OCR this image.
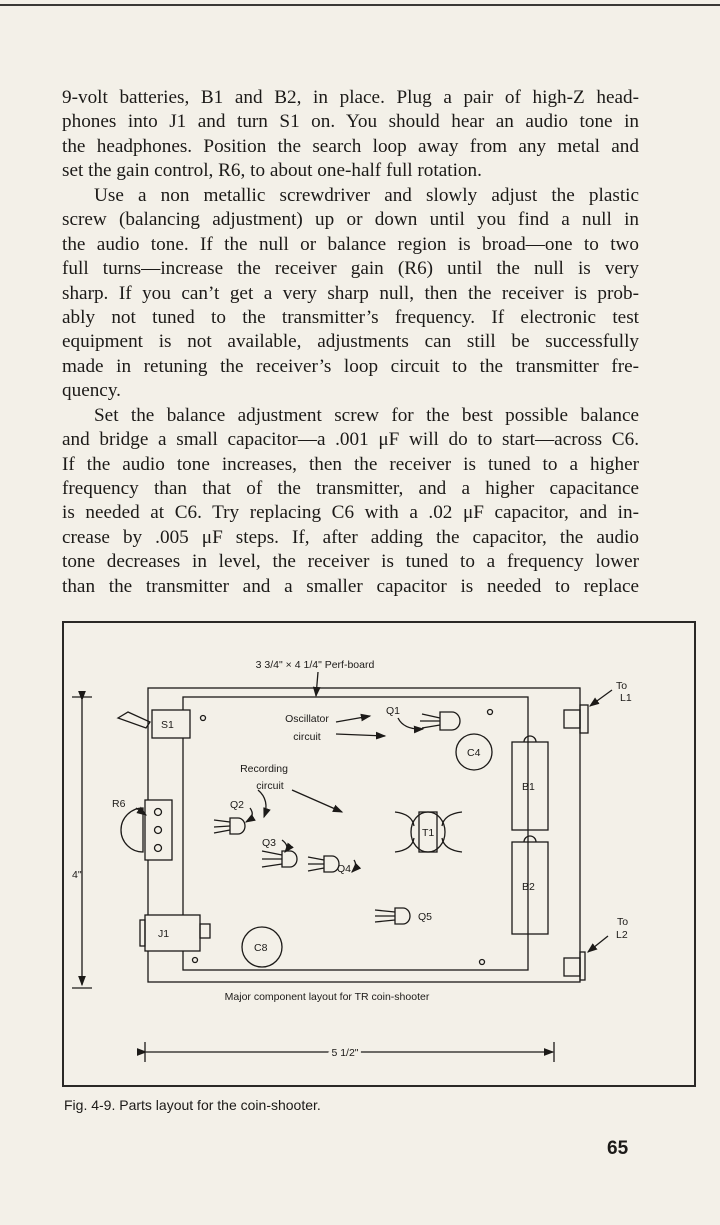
9-volt batteries, B1 and B2, in place. Plug a pair of high-Z head-
phones into J1 and turn S1 on. You should hear an audio tone in
the headphones. Position the search loop away from any metal and
set the gain control, R6, to about one-half full rotation.
Use a non metallic screwdriver and slowly adjust the plastic
screw (balancing adjustment) up or down until you find a null in
the audio tone. If the null or balance region is broad—one to two
full turns—increase the receiver gain (R6) until the null is very
sharp. If you can’t get a very sharp null, then the receiver is prob-
ably not tuned to the transmitter’s frequency. If electronic test
equipment is not available, adjustments can still be successfully
made in retuning the receiver’s loop circuit to the transmitter fre-
quency.
Set the balance adjustment screw for the best possible balance
and bridge a small capacitor—a .001 μF will do to start—across C6.
If the audio tone increases, then the receiver is tuned to a higher
frequency than that of the transmitter, and a higher capacitance
is needed at C6. Try replacing C6 with a .02 μF capacitor, and in-
crease by .005 μF steps. If, after adding the capacitor, the audio
tone decreases in level, the receiver is tuned to a frequency lower
than the transmitter and a smaller capacitor is needed to replace
3 3/4" × 4 1/4" Perf-board
Oscillator
circuit
Recording
circuit
S1
Q1
C4
B1
B2
R6	Q2
Q3
Q4
T1
Q5
J1
C8
To
L1
To
L2
4"
5 1/2"
Major component layout for TR coin-shooter
Fig. 4-9. Parts layout for the coin-shooter.
65
